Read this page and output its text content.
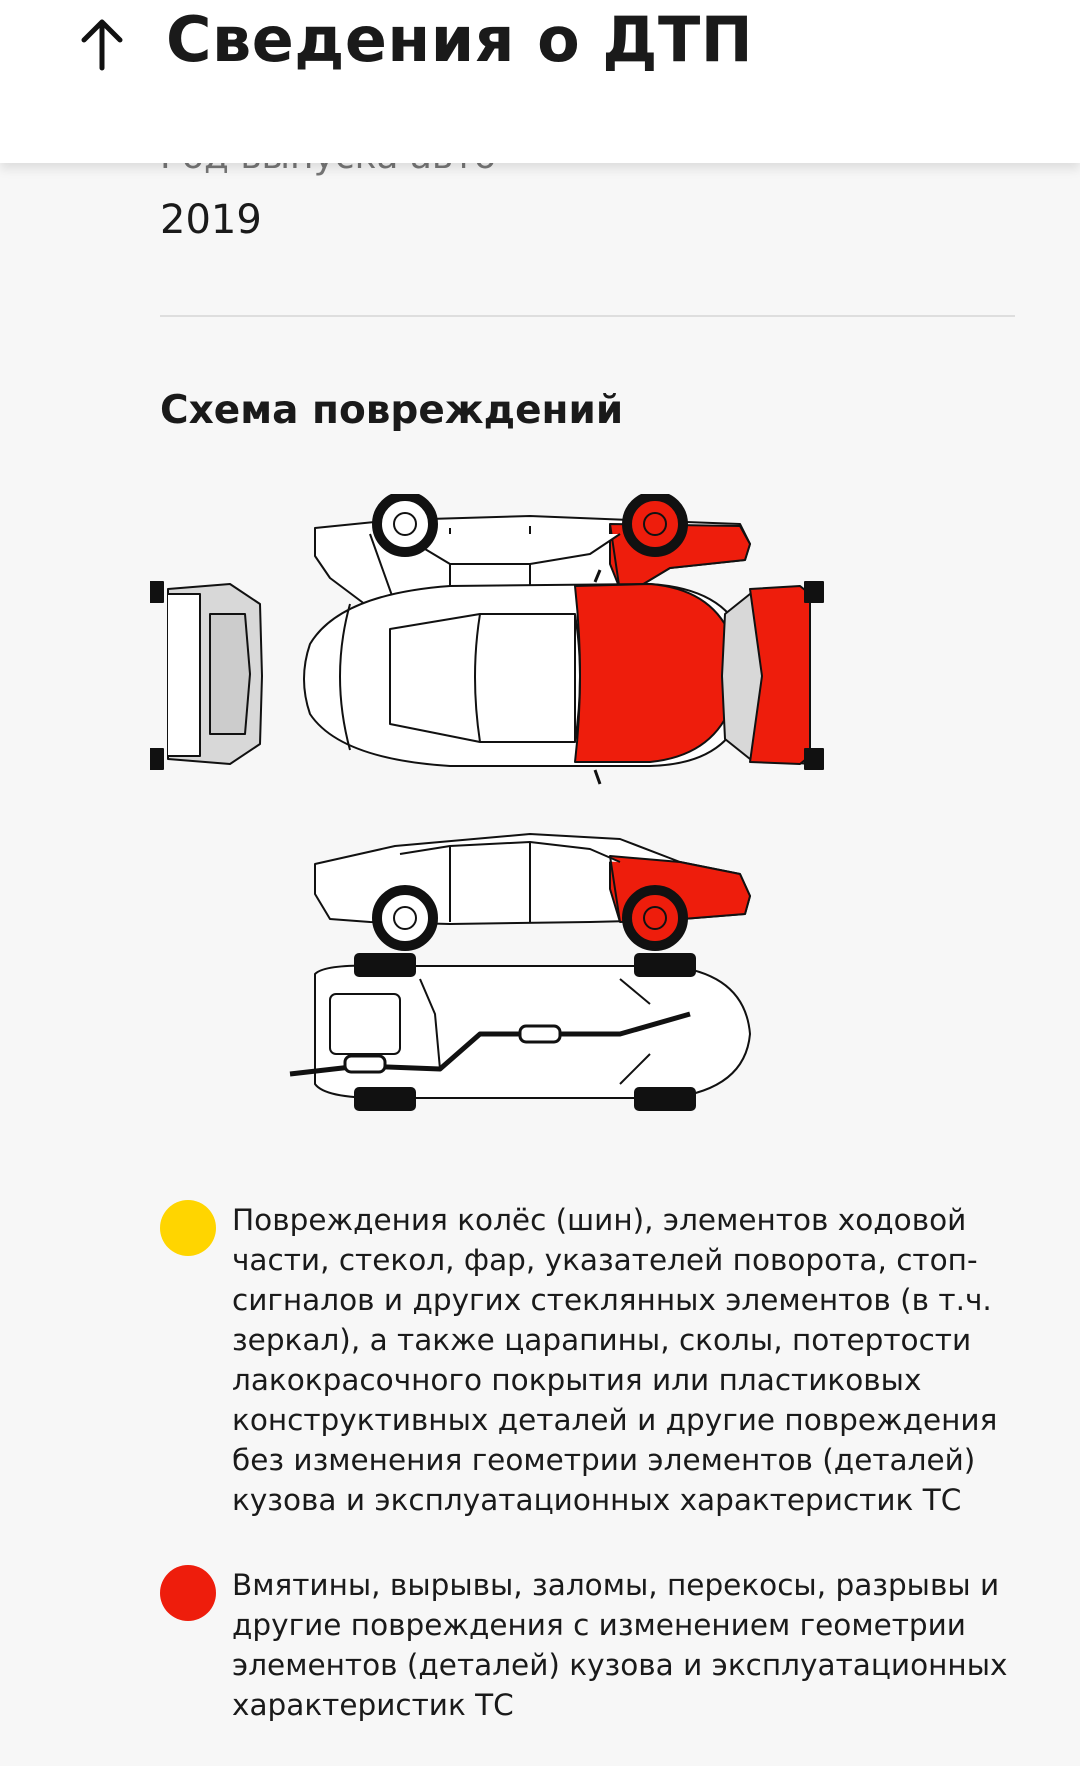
2019
Схема повреждений
Повреждения колёс (шин), элементов ходовой части, стекол, фар, указателей поворота, стоп-сигналов и других стеклянных элементов (в т.ч. зеркал), а также царапины, сколы, потертости лакокрасочного покрытия или пластиковых конструктивных деталей и другие повреждения без изменения геометрии элементов (деталей) кузова и эксплуатационных характеристик ТС
Вмятины, вырывы, заломы, перекосы, разрывы и другие повреждения с изменением геометрии элементов (деталей) кузова и эксплуатационных характеристик ТС
Сведения о ДТП
